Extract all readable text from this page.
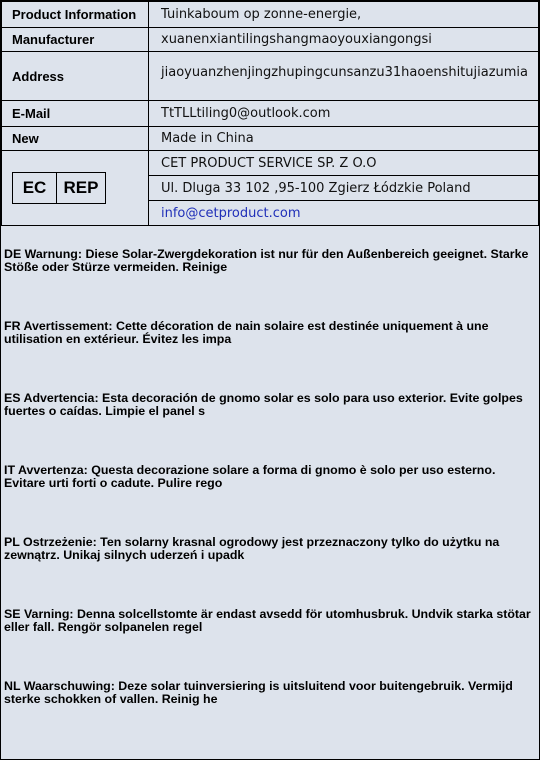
Product Information	Tuinkaboum op zonne-energie,
Manufacturer	xuanenxiantilingshangmaoyouxiangongsi
Address	jiaoyuanzhenjingzhupingcunsanzu31haoenshitujiazumia
E-Mail	TtTLLtiling0@outlook.com
New	Made in China

EC REP	CET PRODUCT SERVICE SP. Z O.O
	Ul. Dluga 33 102 ,95-100 Zgierz Łódzkie Poland
	info@cetproduct.com
DE Warnung: Diese Solar-Zwergdekoration ist nur für den Außenbereich geeignet. Starke Stöße oder Stürze vermeiden. Reinige
FR Avertissement: Cette décoration de nain solaire est destinée uniquement à une utilisation en extérieur. Évitez les impa
ES Advertencia: Esta decoración de gnomo solar es solo para uso exterior. Evite golpes fuertes o caídas. Limpie el panel s
IT Avvertenza: Questa decorazione solare a forma di gnomo è solo per uso esterno. Evitare urti forti o cadute. Pulire rego
PL Ostrzeżenie: Ten solarny krasnal ogrodowy jest przeznaczony tylko do użytku na zewnątrz. Unikaj silnych uderzeń i upadk
SE Varning: Denna solcellstomte är endast avsedd för utomhusbruk. Undvik starka stötar eller fall. Rengör solpanelen regel
NL Waarschuwing: Deze solar tuinversiering is uitsluitend voor buitengebruik. Vermijd sterke schokken of vallen. Reinig he
